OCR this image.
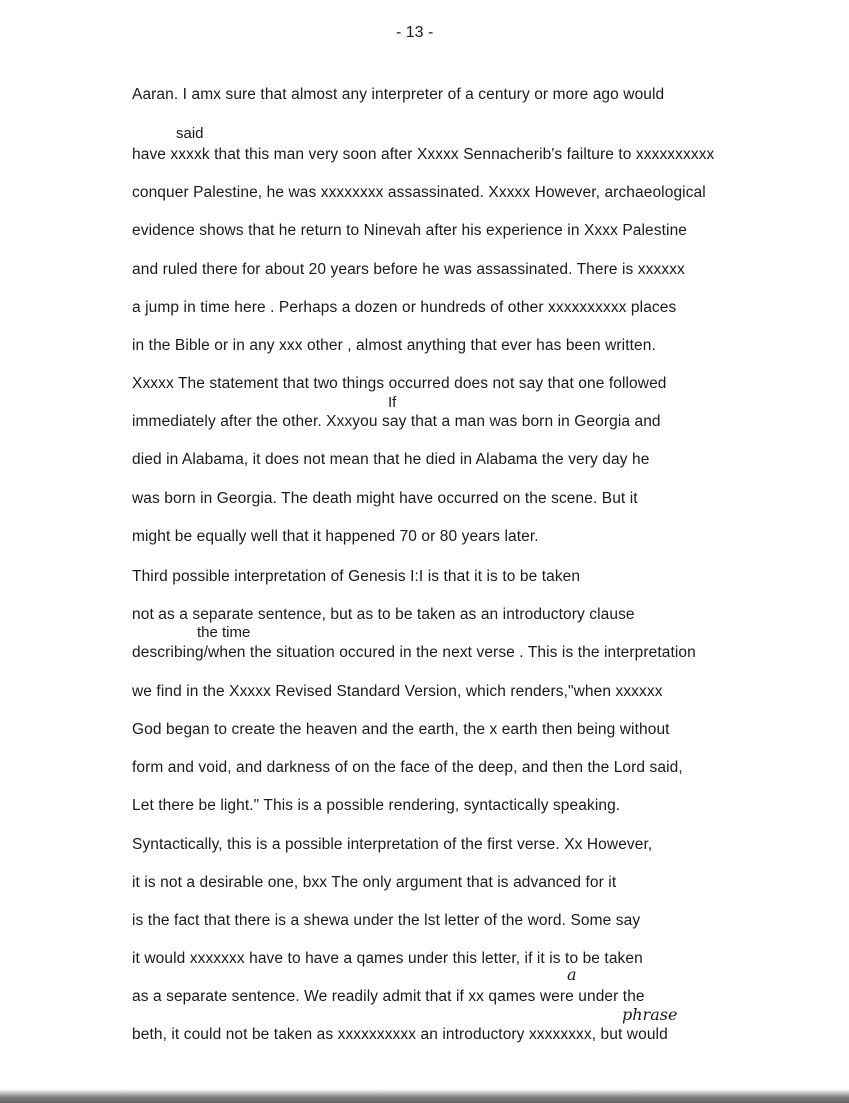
- 13 -
said
If
the time
a
phrase
Aaran. I amx sure that almost any interpreter of a century or more ago would
have xxxxk that this man very soon after Xxxxx Sennacherib's failture to xxxxxxxxxx
conquer Palestine, he was xxxxxxxx assassinated. Xxxxx However, archaeological
evidence shows that he return to Ninevah after his experience in Xxxx Palestine
and ruled there for about 20 years before he was assassinated. There is xxxxxx
a jump in time here . Perhaps a dozen or hundreds of other xxxxxxxxxx places
in the Bible or in any xxx other , almost anything that ever has been written.
Xxxxx The statement that two things occurred does not say that one followed
immediately after the other. Xxxyou say that a man was born in Georgia and
died in Alabama, it does not mean that he died in Alabama the very day he
was born in Georgia. The death might have occurred on the scene. But it
might be equally well that it happened 70 or 80 years later.
Third possible interpretation of Genesis I:I is that it is to be taken
not as a separate sentence, but as to be taken as an introductory clause
describing/when the situation occured in the next verse . This is the interpretation
we find in the Xxxxx Revised Standard Version, which renders,"when xxxxxx
God began to create the heaven and the earth, the x earth then being without
form and void, and darkness of on the face of the deep, and then the Lord said,
Let there be light." This is a possible rendering, syntactically speaking.
Syntactically, this is a possible interpretation of the first verse. Xx However,
it is not a desirable one, bxx The only argument that is advanced for it
is the fact that there is a shewa under the lst letter of the word. Some say
it would xxxxxxx have to have a qames under this letter, if it is to be taken
as a separate sentence. We readily admit that if xx qames were under the
beth, it could not be taken as xxxxxxxxxx an introductory xxxxxxxx, but would
